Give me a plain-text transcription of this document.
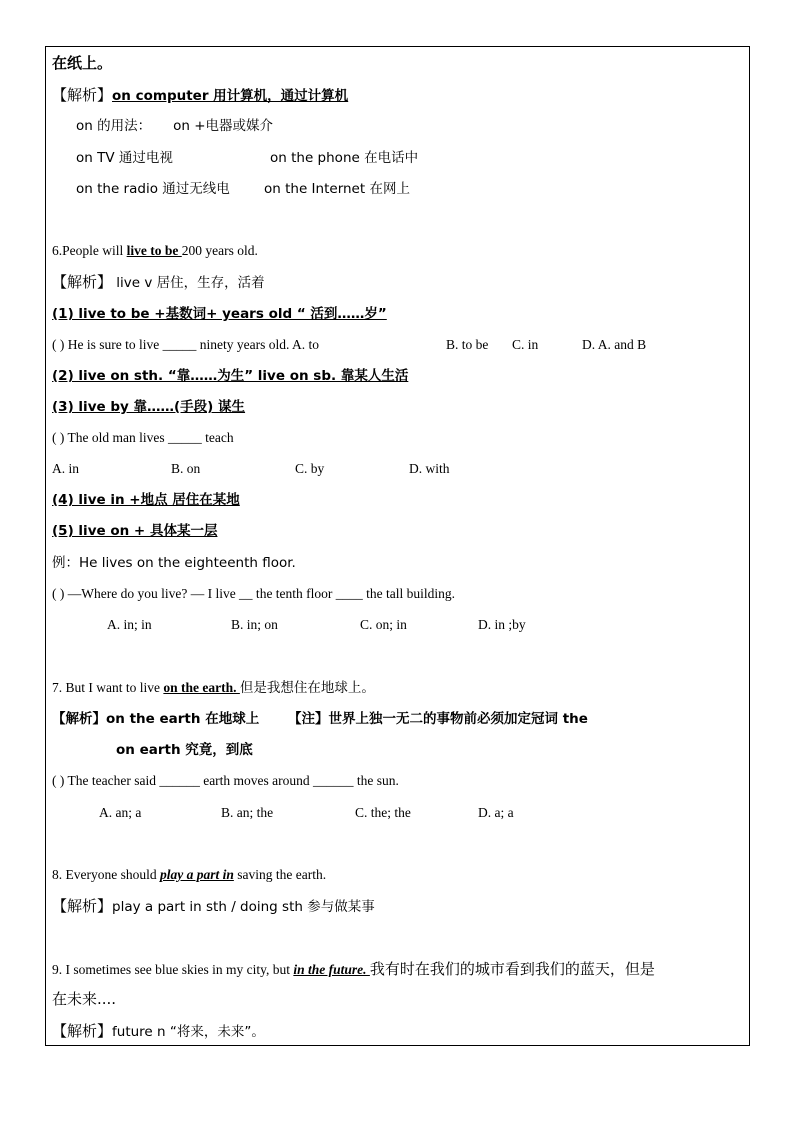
在纸上。
【解析】on computer 用计算机，通过计算机
on 的用法： on +电器或媒介
on TV 通过电视	on the phone 在电话中
on the radio 通过无线电	on the Internet 在网上
6.People will live to be 200 years old.
【解析】 live v 居住，生存，活着
(1) live to be +基数词+ years old “ 活到……岁”
( ) He is sure to live _____ ninety years old. A. to	B. to be C. in	D. A. and B
(2) live on sth. “靠……为生” live on sb. 靠某人生活
(3) live by 靠……(手段) 谋生
( ) The old man lives _____ teach
A. in	B. on	C. by	D. with
(4) live in +地点 居住在某地
(5) live on + 具体某一层
例：He lives on the eighteenth floor.
( ) —Where do you live? — I live __ the tenth floor ____ the tall building.
A. in; in	B. in; on	C. on; in	D. in ;by
7. But I want to live on the earth. 但是我想住在地球上。
【解析】on the earth 在地球上 【注】世界上独一无二的事物前必须加定冠词 the
on earth 究竟，到底
( ) The teacher said ______ earth moves around ______ the sun.
A. an; a	B. an; the	C. the; the	D. a; a
8. Everyone should play a part in saving the earth.
【解析】play a part in sth / doing sth 参与做某事
9. I sometimes see blue skies in my city, but in the future. 我有时在我们的城市看到我们的蓝天，但是
在未来....
【解析】future n “将来，未来”。
